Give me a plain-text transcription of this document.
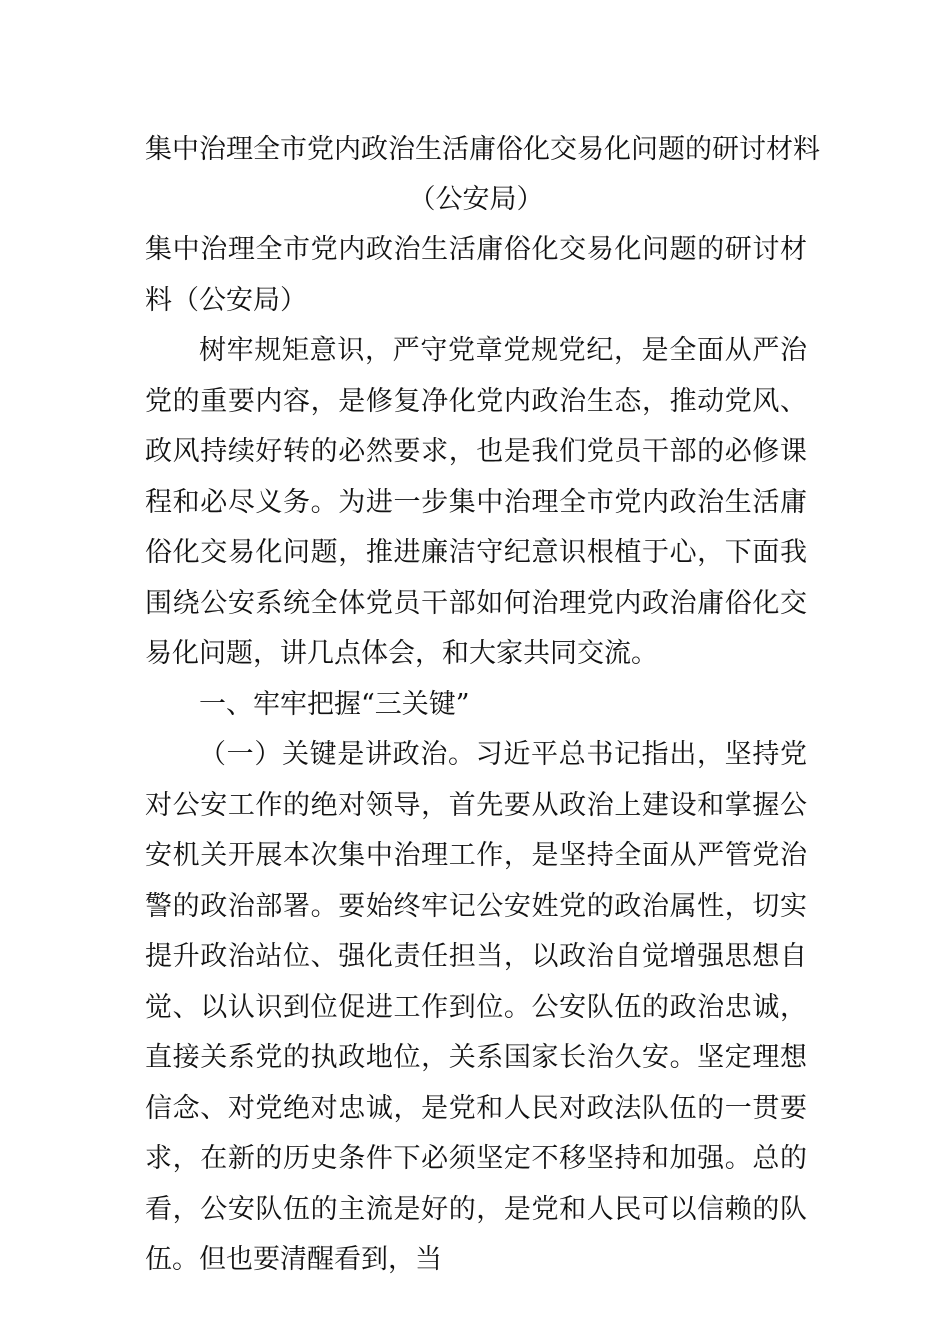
集中治理全市党内政治生活庸俗化交易化问题的研讨材料

（公安局）

集中治理全市党内政治生活庸俗化交易化问题的研讨材料（公安局）

树牢规矩意识，严守党章党规党纪，是全面从严治党的重要内容，是修复净化党内政治生态，推动党风、政风持续好转的必然要求，也是我们党员干部的必修课程和必尽义务。为进一步集中治理全市党内政治生活庸俗化交易化问题，推进廉洁守纪意识根植于心，下面我围绕公安系统全体党员干部如何治理党内政治庸俗化交易化问题，讲几点体会，和大家共同交流。

一、牢牢把握“三关键”

（一）关键是讲政治。习近平总书记指出，坚持党对公安工作的绝对领导，首先要从政治上建设和掌握公安机关开展本次集中治理工作，是坚持全面从严管党治警的政治部署。要始终牢记公安姓党的政治属性，切实提升政治站位、强化责任担当，以政治自觉增强思想自觉、以认识到位促进工作到位。公安队伍的政治忠诚，直接关系党的执政地位，关系国家长治久安。坚定理想信念、对党绝对忠诚，是党和人民对政法队伍的一贯要求，在新的历史条件下必须坚定不移坚持和加强。总的看，公安队伍的主流是好的，是党和人民可以信赖的队伍。但也要清醒看到，当
